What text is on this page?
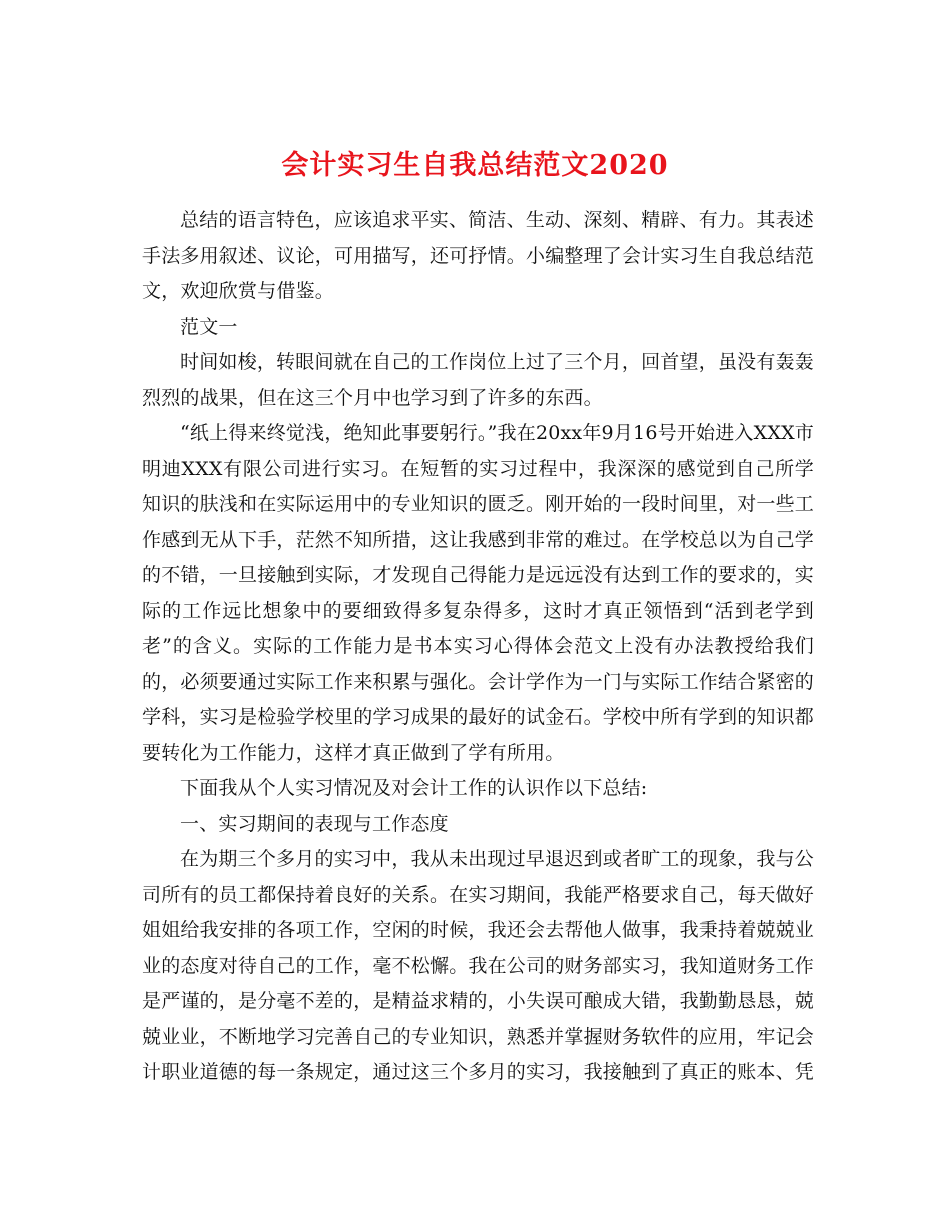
会计实习生自我总结范文2020

总结的语言特色，应该追求平实、简洁、生动、深刻、精辟、有力。其表述手法多用叙述、议论，可用描写，还可抒情。小编整理了会计实习生自我总结范文，欢迎欣赏与借鉴。

范文一

时间如梭，转眼间就在自己的工作岗位上过了三个月，回首望，虽没有轰轰烈烈的战果，但在这三个月中也学习到了许多的东西。

“纸上得来终觉浅，绝知此事要躬行。”我在20xx年9月16号开始进入XXX市明迪XXX有限公司进行实习。在短暂的实习过程中，我深深的感觉到自己所学知识的肤浅和在实际运用中的专业知识的匮乏。刚开始的一段时间里，对一些工作感到无从下手，茫然不知所措，这让我感到非常的难过。在学校总以为自己学的不错，一旦接触到实际，才发现自己得能力是远远没有达到工作的要求的，实际的工作远比想象中的要细致得多复杂得多，这时才真正领悟到“活到老学到老”的含义。实际的工作能力是书本实习心得体会范文上没有办法教授给我们的，必须要通过实际工作来积累与强化。会计学作为一门与实际工作结合紧密的学科，实习是检验学校里的学习成果的最好的试金石。学校中所有学到的知识都要转化为工作能力，这样才真正做到了学有所用。

下面我从个人实习情况及对会计工作的认识作以下总结:

一、实习期间的表现与工作态度

在为期三个多月的实习中，我从未出现过早退迟到或者旷工的现象，我与公司所有的员工都保持着良好的关系。在实习期间，我能严格要求自己，每天做好姐姐给我安排的各项工作，空闲的时候，我还会去帮他人做事，我秉持着兢兢业业的态度对待自己的工作，毫不松懈。我在公司的财务部实习，我知道财务工作是严谨的，是分毫不差的，是精益求精的，小失误可酿成大错，我勤勤恳恳，兢兢业业，不断地学习完善自己的专业知识，熟悉并掌握财务软件的应用，牢记会计职业道德的每一条规定，通过这三个多月的实习，我接触到了真正的账本、凭
